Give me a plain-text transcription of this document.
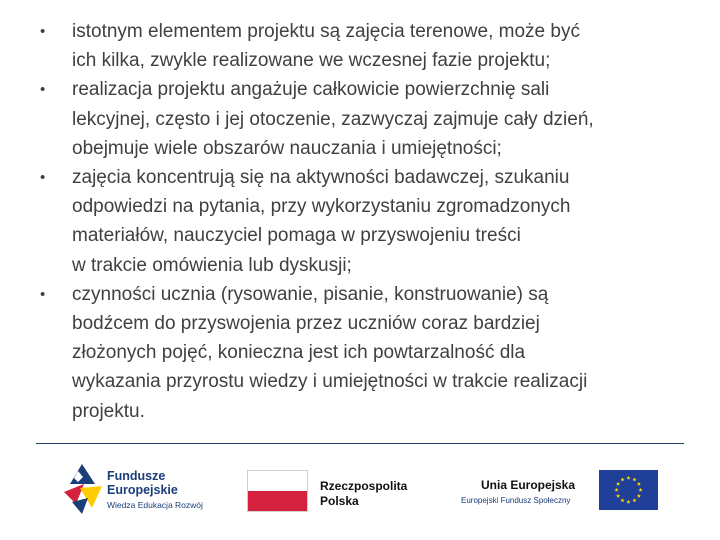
• istotnym elementem projektu są zajęcia terenowe, może być
ich kilka, zwykle realizowane we wczesnej fazie projektu;
• realizacja projektu angażuje całkowicie powierzchnię sali
lekcyjnej, często i jej otoczenie, zazwyczaj zajmuje cały dzień,
obejmuje wiele obszarów nauczania i umiejętności;
• zajęcia koncentrują się na aktywności badawczej, szukaniu
odpowiedzi na pytania, przy wykorzystaniu zgromadzonych
materiałów, nauczyciel pomaga w przyswojeniu treści
w trakcie omówienia lub dyskusji;
• czynności ucznia (rysowanie, pisanie, konstruowanie) są
bodźcem do przyswojenia przez uczniów coraz bardziej
złożonych pojęć, konieczna jest ich powtarzalność dla
wykazania przyrostu wiedzy i umiejętności w trakcie realizacji
projektu.
Fundusze
Europejskie
Wiedza Edukacja Rozwój
Rzeczpospolita
Polska
Unia Europejska
Europejski Fundusz Społeczny
